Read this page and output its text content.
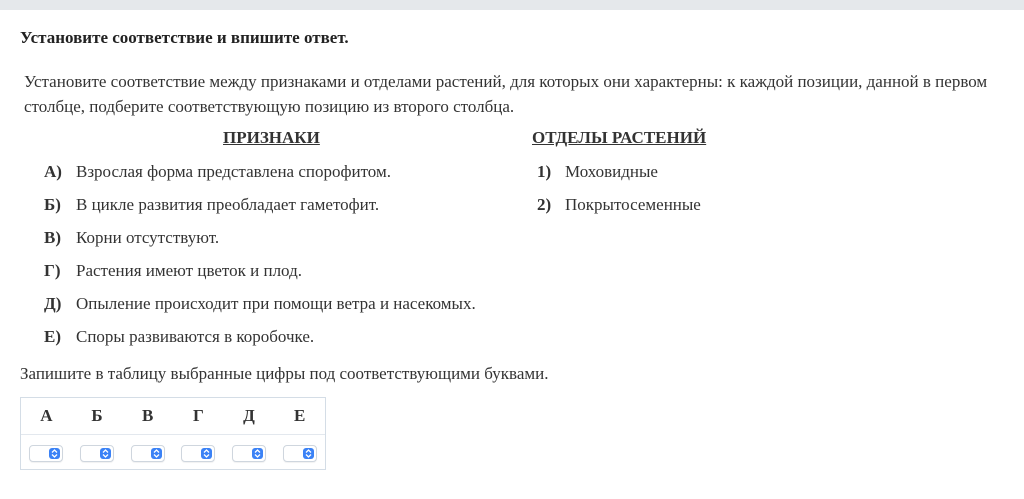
Установите соответствие и впишите ответ.
Установите соответствие между признаками и отделами растений, для которых они характерны: к каждой позиции, данной в первом столбце, подберите соответствующую позицию из второго столбца.
ПРИЗНАКИ	ОТДЕЛЫ РАСТЕНИЙ
А) Взрослая форма представлена спорофитом.
Б) В цикле развития преобладает гаметофит.
В) Корни отсутствуют.
Г) Растения имеют цветок и плод.
Д) Опыление происходит при помощи ветра и насекомых.
Е) Споры развиваются в коробочке.
1) Моховидные
2) Покрытосеменные
Запишите в таблицу выбранные цифры под соответствующими буквами.
А	Б	В	Г	Д	Е
